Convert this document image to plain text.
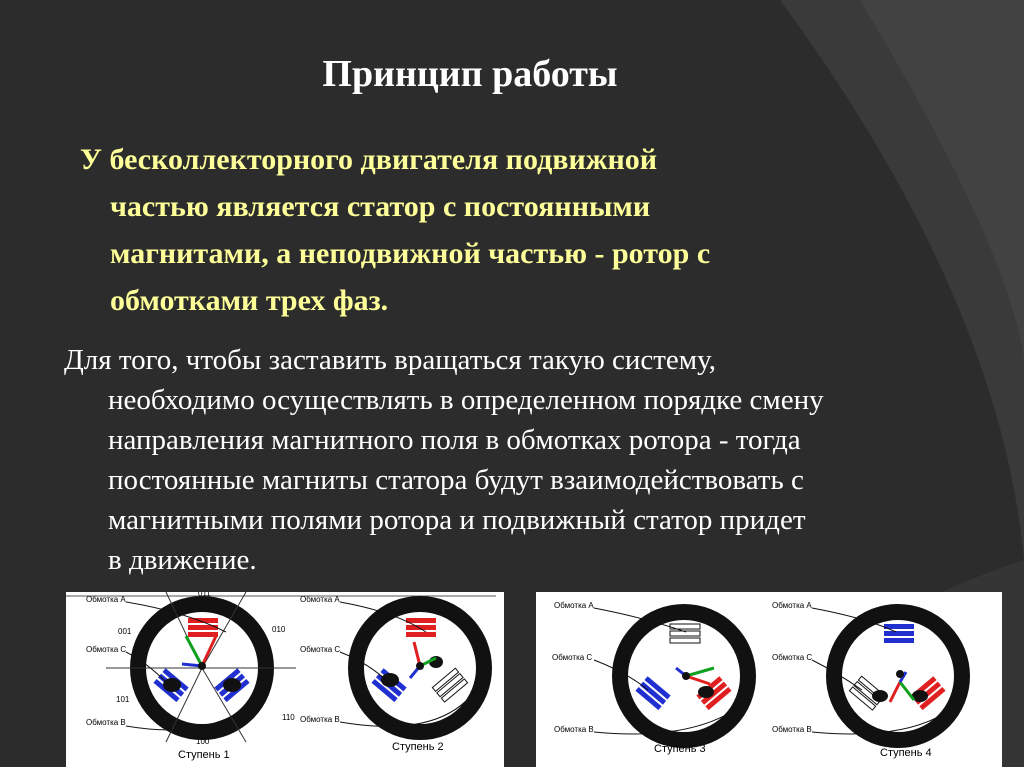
Принцип работы
У бесколлекторного двигателя подвижной
частью является статор с постоянными
магнитами, а неподвижной частью - ротор с
обмотками трех фаз.
Для того, чтобы заставить вращаться такую систему,
необходимо осуществлять в определенном порядке смену
направления магнитного поля в обмотках ротора - тогда
постоянные магниты статора будут взаимодействовать с
магнитными полями ротора и подвижный статор придет
в движение.
Обмотка А
001
011
010
Обмотка С
101
Обмотка В
110
100
Ступень 1
Обмотка А
Обмотка С
Обмотка В
Ступень 2
Обмотка А
Обмотка С
Обмотка В
Ступень 3
Обмотка А
Обмотка С
Обмотка В
Ступень 4
